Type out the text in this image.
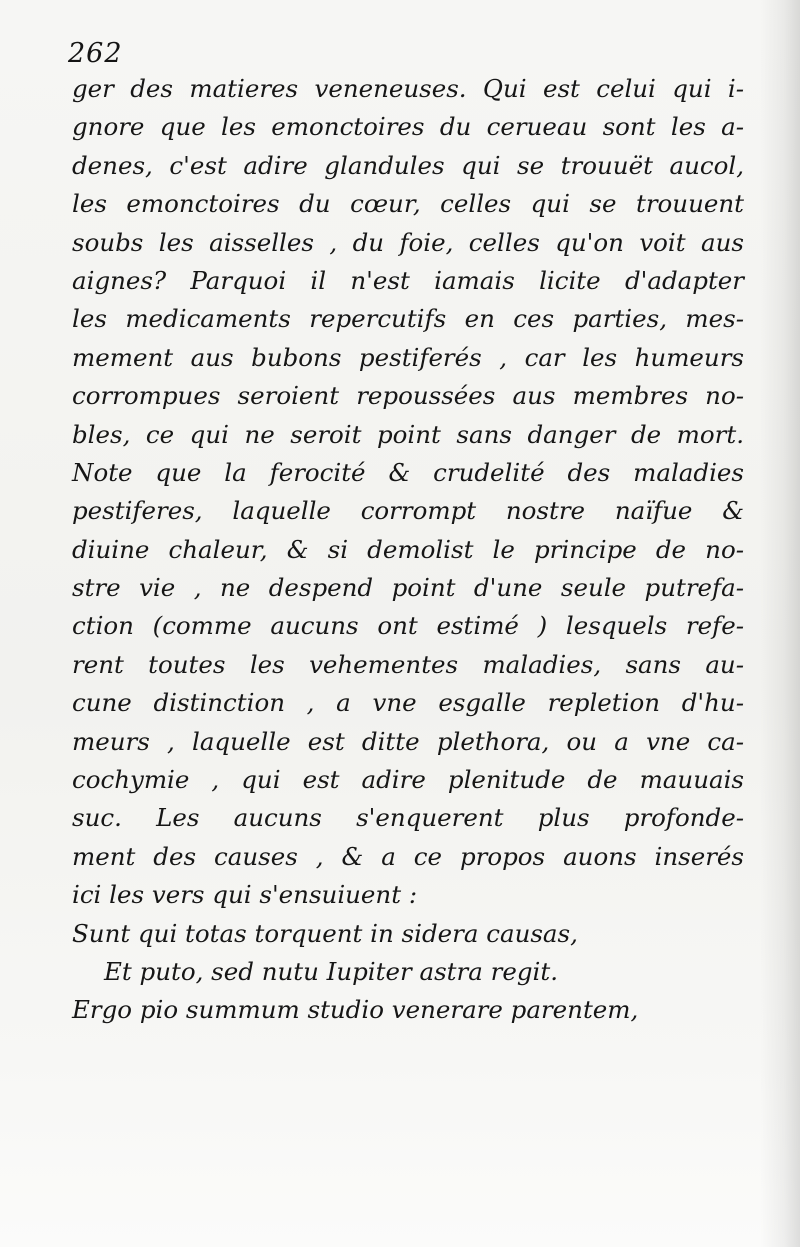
262
ger des matieres veneneuses. Qui est celui qui i-
gnore que les emonctoires du cerueau sont les a-
denes, c'est adire glandules qui se trouuët aucol,
les emonctoires du cœur, celles qui se trouuent
soubs les aisselles , du foie, celles qu'on voit aus
aignes? Parquoi il n'est iamais licite d'adapter
les medicaments repercutifs en ces parties, mes-
mement aus bubons pestiferés , car les humeurs
corrompues seroient repoussées aus membres no-
bles, ce qui ne seroit point sans danger de mort.
Note que la ferocité & crudelité des maladies
pestiferes, laquelle corrompt nostre naïfue &
diuine chaleur, & si demolist le principe de no-
stre vie , ne despend point d'une seule putrefa-
ction (comme aucuns ont estimé ) lesquels refe-
rent toutes les vehementes maladies, sans au-
cune distinction , a vne esgalle repletion d'hu-
meurs , laquelle est ditte plethora, ou a vne ca-
cochymie , qui est adire plenitude de mauuais
suc. Les aucuns s'enquerent plus profonde-
ment des causes , & a ce propos auons inserés
ici les vers qui s'ensuiuent :
Sunt qui totas torquent in sidera causas,
Et puto, sed nutu Iupiter astra regit.
Ergo pio summum studio venerare parentem,
